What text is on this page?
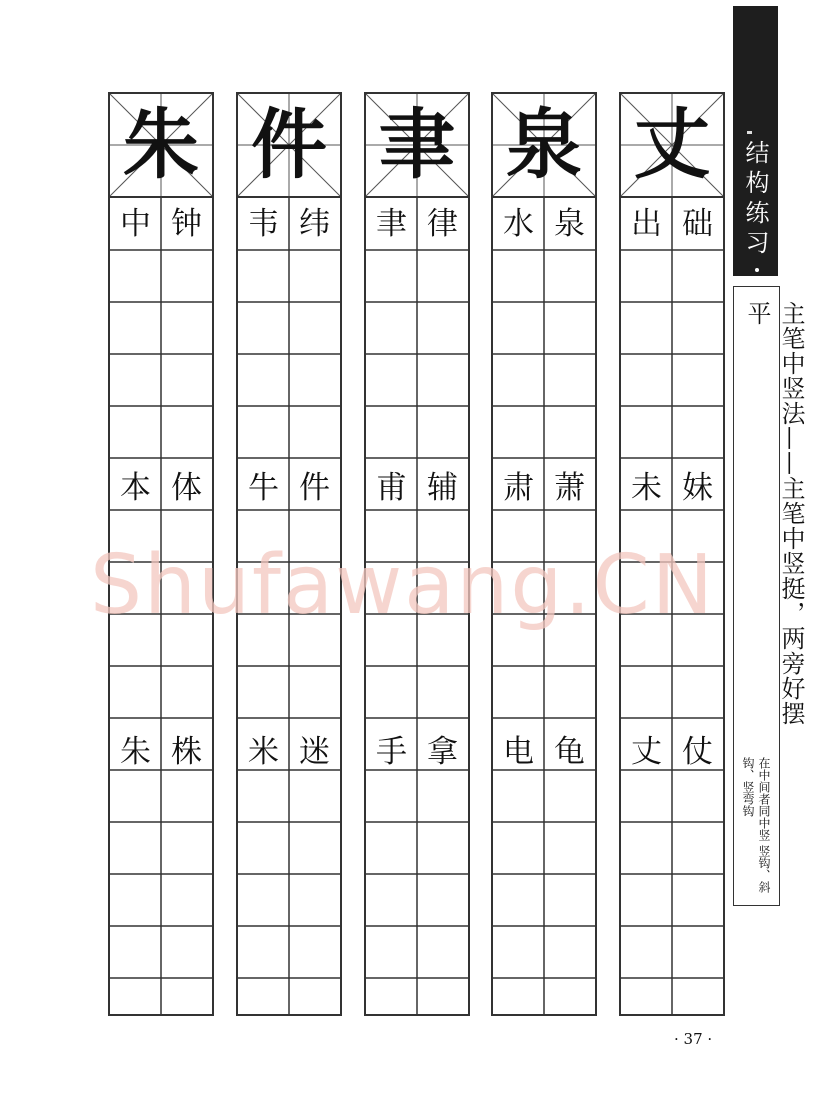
朱
中 钟
本 体
朱 株
件
韦 纬
牛 件
米 迷
聿
聿 律
甫 辅
手 拿
泉
水 泉
肃 萧
电 龟
丈
出 础
未 妹
丈 仗
结构练习
主笔中竖法——主笔中竖挺，两旁好摆平
在中间者同中竖 竖钩、斜钩、竖弯钩
Shufawang.CN
· 37 ·
